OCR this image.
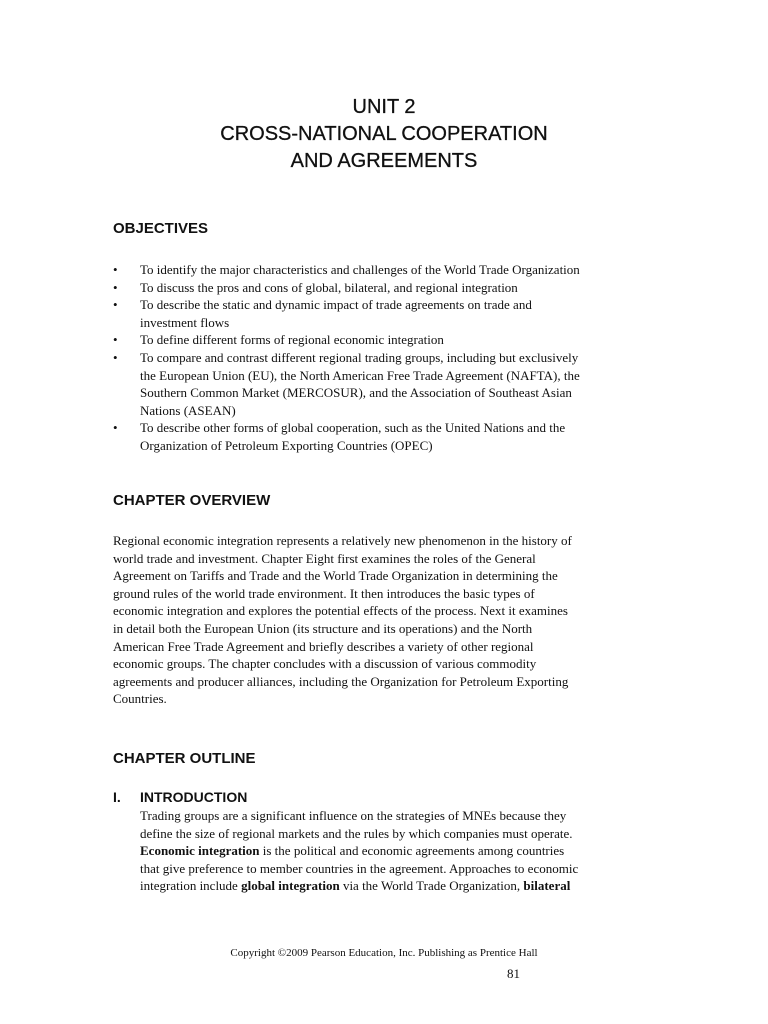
UNIT 2
CROSS-NATIONAL COOPERATION
AND AGREEMENTS
OBJECTIVES
• To identify the major characteristics and challenges of the World Trade Organization
• To discuss the pros and cons of global, bilateral, and regional integration
• To describe the static and dynamic impact of trade agreements on trade and
investment flows
• To define different forms of regional economic integration
• To compare and contrast different regional trading groups, including but exclusively
the European Union (EU), the North American Free Trade Agreement (NAFTA), the
Southern Common Market (MERCOSUR), and the Association of Southeast Asian
Nations (ASEAN)
• To describe other forms of global cooperation, such as the United Nations and the
Organization of Petroleum Exporting Countries (OPEC)
CHAPTER OVERVIEW
Regional economic integration represents a relatively new phenomenon in the history of
world trade and investment. Chapter Eight first examines the roles of the General
Agreement on Tariffs and Trade and the World Trade Organization in determining the
ground rules of the world trade environment. It then introduces the basic types of
economic integration and explores the potential effects of the process. Next it examines
in detail both the European Union (its structure and its operations) and the North
American Free Trade Agreement and briefly describes a variety of other regional
economic groups. The chapter concludes with a discussion of various commodity
agreements and producer alliances, including the Organization for Petroleum Exporting
Countries.
CHAPTER OUTLINE
I. INTRODUCTION
Trading groups are a significant influence on the strategies of MNEs because they
define the size of regional markets and the rules by which companies must operate.
Economic integration is the political and economic agreements among countries
that give preference to member countries in the agreement. Approaches to economic
integration include global integration via the World Trade Organization, bilateral
Copyright ©2009 Pearson Education, Inc. Publishing as Prentice Hall
81
